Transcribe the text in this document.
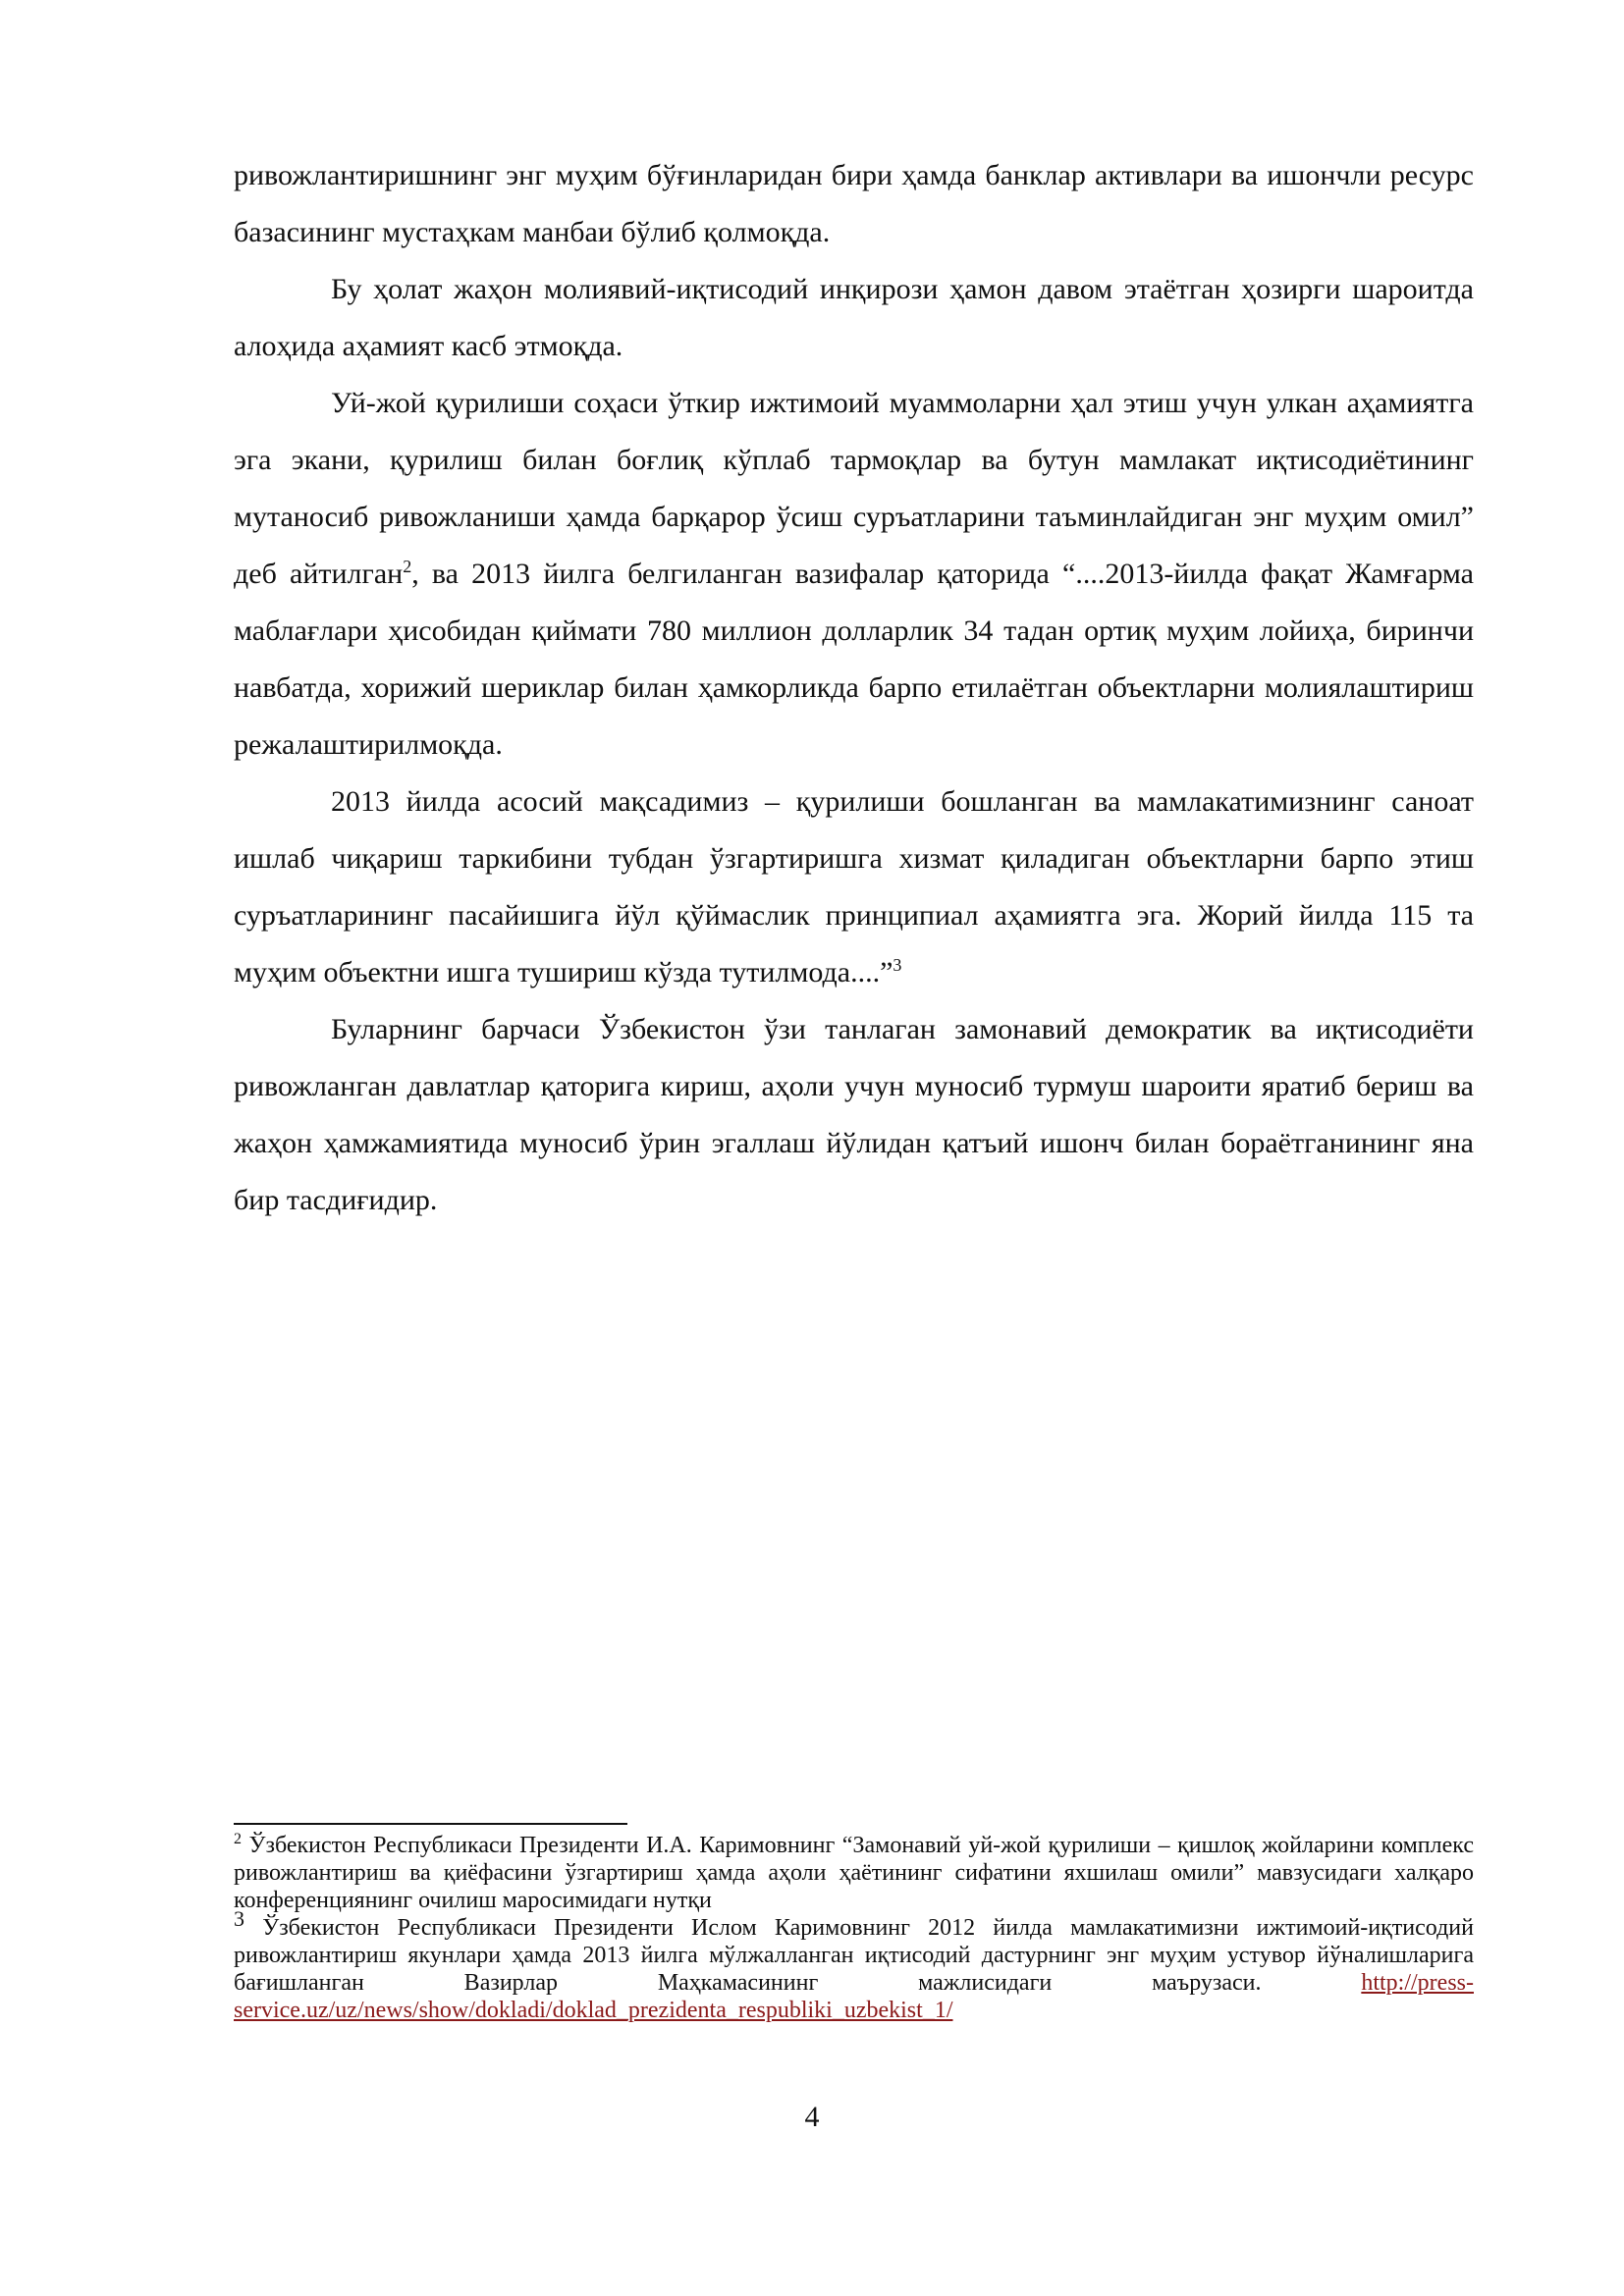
ривожлантиришнинг энг муҳим бўғинларидан бири ҳамда банклар активлари ва ишончли ресурс базасининг мустаҳкам манбаи бўлиб қолмоқда.

Бу ҳолат жаҳон молиявий-иқтисодий инқирози ҳамон давом этаётган ҳозирги шароитда алоҳида аҳамият касб этмоқда.

Уй-жой қурилиши соҳаси ўткир ижтимоий муаммоларни ҳал этиш учун улкан аҳамиятга эга экани, қурилиш билан боғлиқ кўплаб тармоқлар ва бутун мамлакат иқтисодиётининг мутаносиб ривожланиши ҳамда барқарор ўсиш суръатларини таъминлайдиган энг муҳим омил” деб айтилган$^2$, ва 2013 йилга белгиланган вазифалар қаторида “....2013-йилда фақат Жамғарма маблағлари ҳисобидан қиймати 780 миллион долларлик 34 тадан ортиқ муҳим лойиҳа, биринчи навбатда, хорижий шериклар билан ҳамкорликда барпо етилаётган объектларни молиялаштириш режалаштирилмоқда.

2013 йилда асосий мақсадимиз – қурилиши бошланган ва мамлакатимизнинг саноат ишлаб чиқариш таркибини тубдан ўзгартиришга хизмат қиладиган объектларни барпо этиш суръатларининг пасайишига йўл қўймаслик принципиал аҳамиятга эга. Жорий йилда 115 та муҳим объектни ишга тушириш кўзда тутилмода....”$^3$

Буларнинг барчаси Ўзбекистон ўзи танлаган замонавий демократик ва иқтисодиёти ривожланган давлатлар қаторига кириш, аҳоли учун муносиб турмуш шароити яратиб бериш ва жаҳон ҳамжамиятида муносиб ўрин эгаллаш йўлидан қатъий ишонч билан бораётганининг яна бир тасдиғидир.

$^2$ Ўзбекистон Республикаси Президенти И.А. Каримовнинг “Замонавий уй-жой қурилиши – қишлоқ жойларини комплекс ривожлантириш ва қиёфасини ўзгартириш ҳамда аҳоли ҳаётининг сифатини яхшилаш омили” мавзусидаги халқаро конференциянинг очилиш маросимидаги нутқи

3 Ўзбекистон Республикаси Президенти Ислом Каримовнинг 2012 йилда мамлакатимизни ижтимоий-иқтисодий ривожлантириш якунлари ҳамда 2013 йилга мўлжалланган иқтисодий дастурнинг энг муҳим устувор йўналишларига бағишланган Вазирлар Маҳкамасининг мажлисидаги маърузаси. http://press-service.uz/uz/news/show/dokladi/doklad_prezidenta_respubliki_uzbekist_1/

4
